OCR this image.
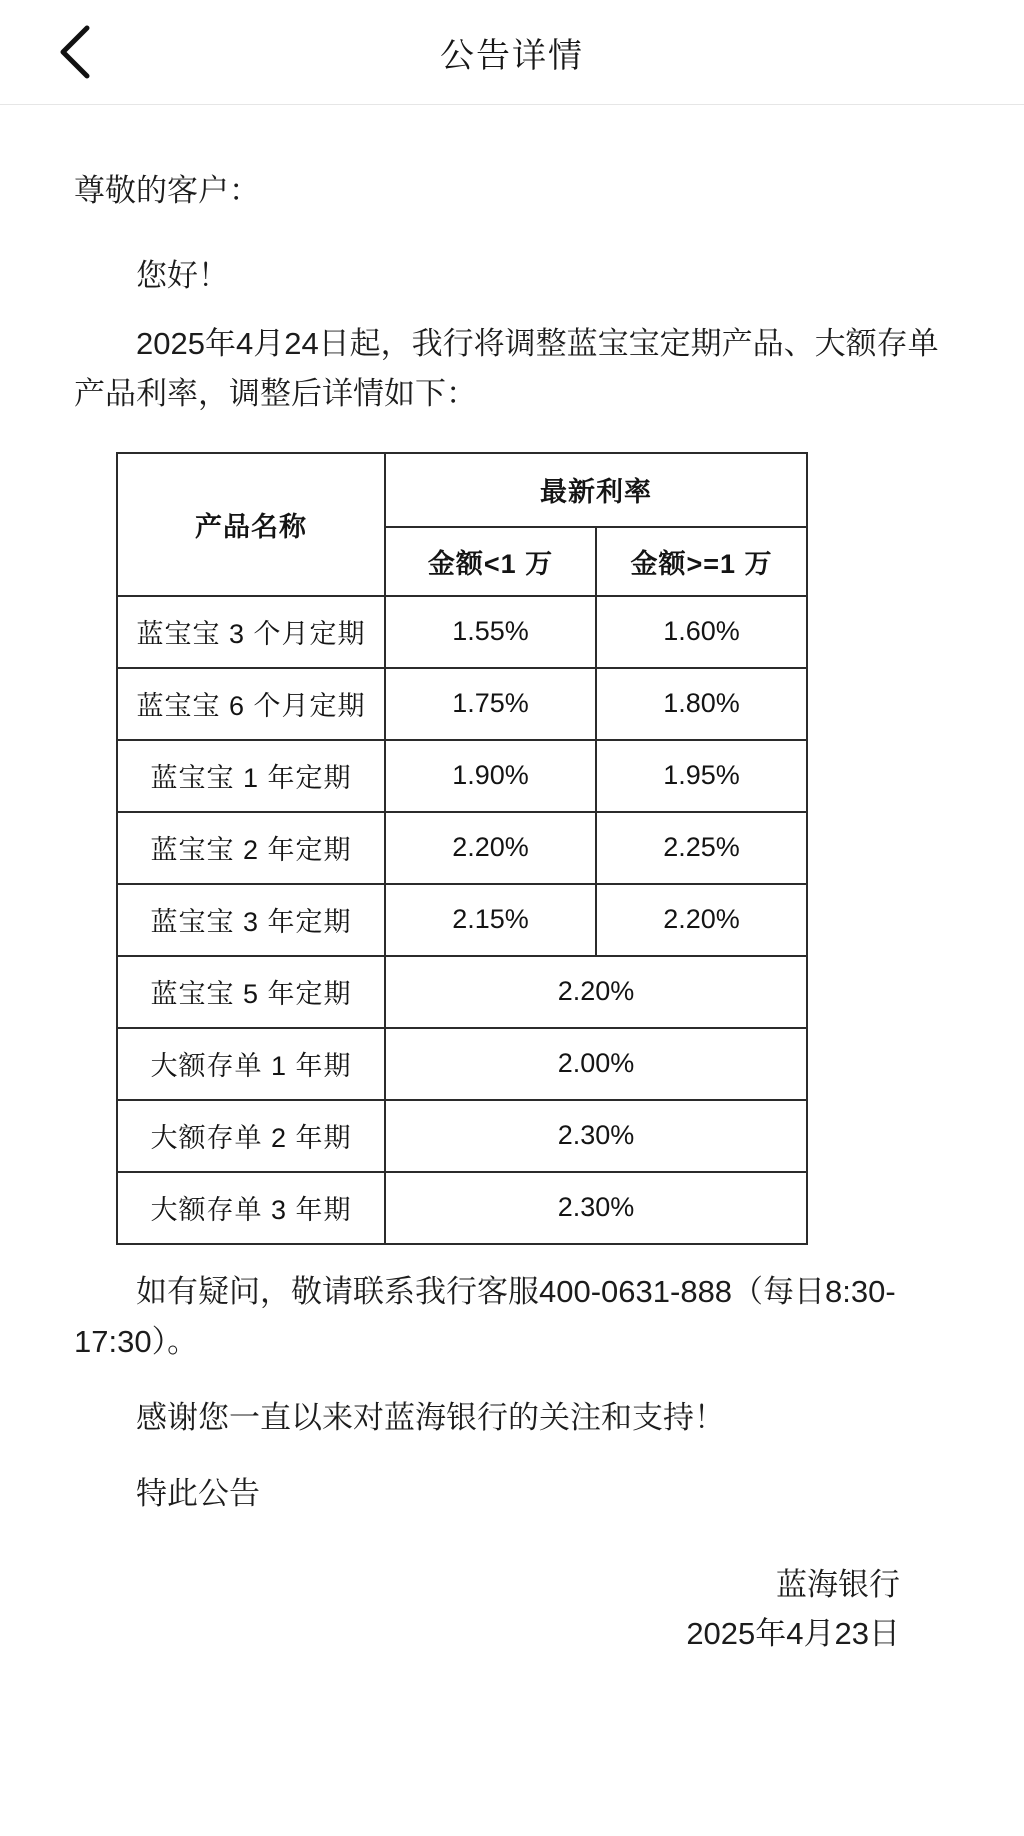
公告详情

尊敬的客户：

您好！

2025年4月24日起，我行将调整蓝宝宝定期产品、大额存单产品利率，调整后详情如下：

产品名称	最新利率	
	金额<1 万	金额>=1 万
蓝宝宝 3 个月定期	1.55%	1.60%
蓝宝宝 6 个月定期	1.75%	1.80%
蓝宝宝 1 年定期	1.90%	1.95%
蓝宝宝 2 年定期	2.20%	2.25%
蓝宝宝 3 年定期	2.15%	2.20%
蓝宝宝 5 年定期	2.20%	
大额存单 1 年期	2.00%	
大额存单 2 年期	2.30%	
大额存单 3 年期	2.30%	

如有疑问，敬请联系我行客服400-0631-888（每日8:30-17:30）。

感谢您一直以来对蓝海银行的关注和支持！

特此公告

蓝海银行
2025年4月23日
